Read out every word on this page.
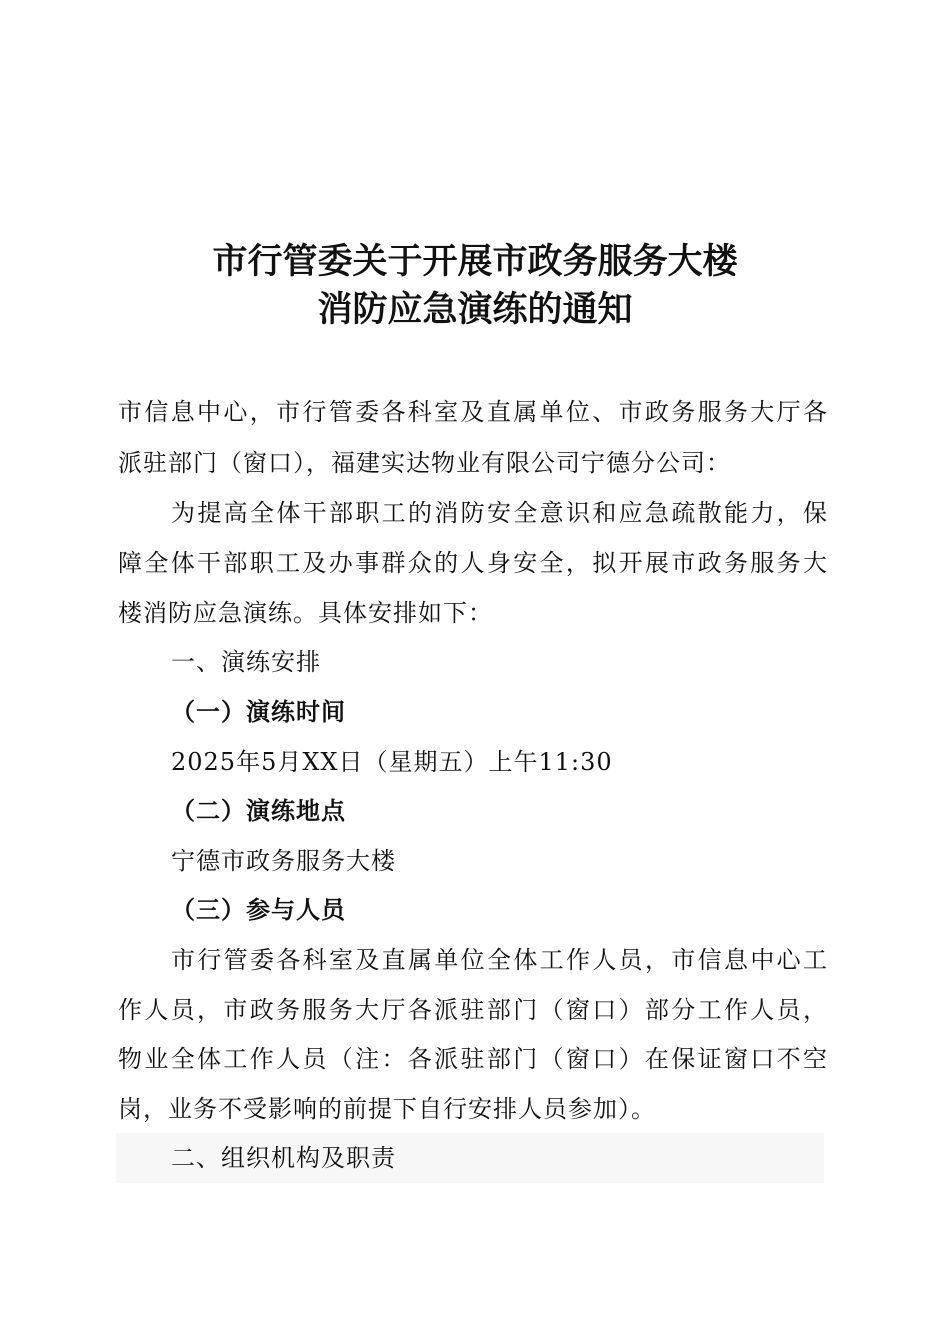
市行管委关于开展市政务服务大楼
消防应急演练的通知
市信息中心，市行管委各科室及直属单位、市政务服务大厅各
派驻部门（窗口），福建实达物业有限公司宁德分公司：
为提高全体干部职工的消防安全意识和应急疏散能力，保
障全体干部职工及办事群众的人身安全，拟开展市政务服务大
楼消防应急演练。具体安排如下：
一、演练安排
（一）演练时间
2025年5月XX日（星期五）上午11:30
（二）演练地点
宁德市政务服务大楼
（三）参与人员
市行管委各科室及直属单位全体工作人员，市信息中心工
作人员，市政务服务大厅各派驻部门（窗口）部分工作人员，
物业全体工作人员（注：各派驻部门（窗口）在保证窗口不空
岗，业务不受影响的前提下自行安排人员参加）。
二、组织机构及职责
